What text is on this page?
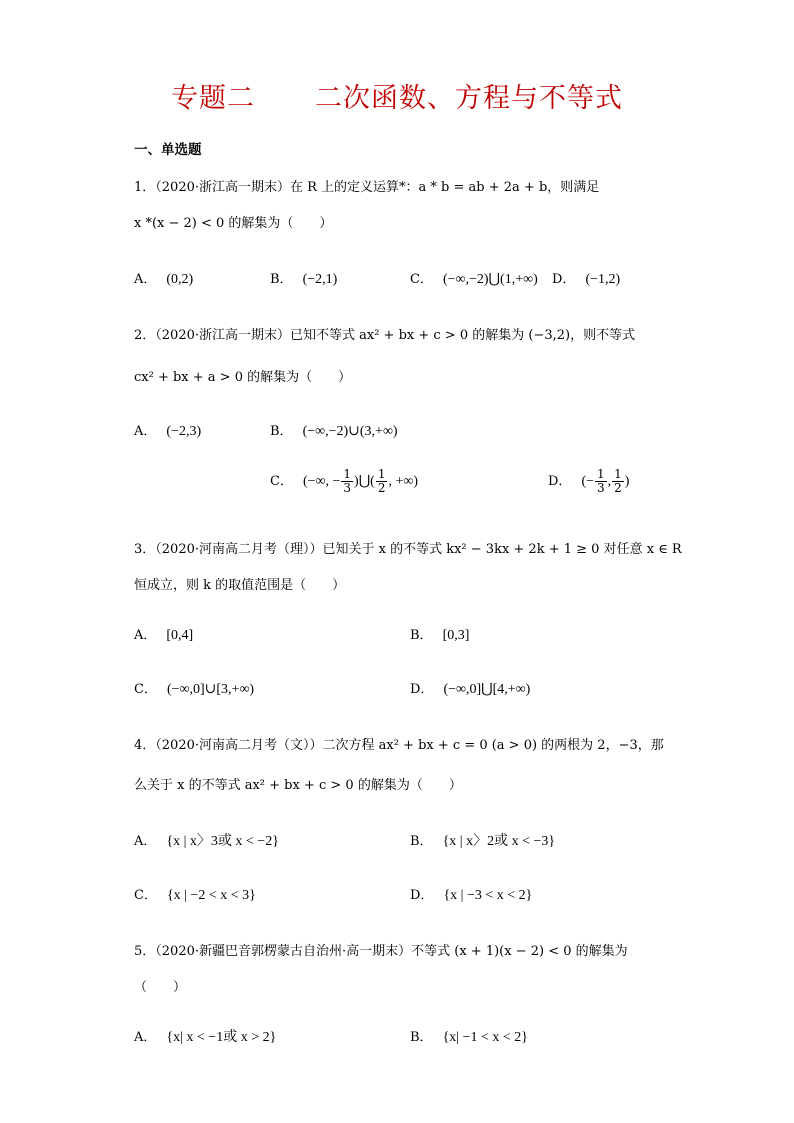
专题二 二次函数、方程与不等式
一、单选题
1．（2020·浙江高一期末）在 R 上的定义运算*：a * b = ab + 2a + b，则满足
x *(x − 2) < 0 的解集为（　　）
A． (0,2)	B． (−2,1)	C． (−∞,−2)⋃(1,+∞) D． (−1,2)
2．（2020·浙江高一期末）已知不等式 ax² + bx + c > 0 的解集为 (−3,2)，则不等式
cx² + bx + a > 0 的解集为（　　）
A． (−2,3)	B． (−∞,−2)∪(3,+∞)
C． (−∞, − $\frac{1}{3}$ )⋃( $\frac{1}{2}$ , +∞)	D． (− $\frac{1}{3}$ , $\frac{1}{2}$ )
3．（2020·河南高二月考（理））已知关于 x 的不等式 kx² − 3kx + 2k + 1 ≥ 0 对任意 x ∈ R
恒成立，则 k 的取值范围是（　　）
A． [0,4]	B． [0,3]
C． (−∞,0]∪[3,+∞)	D． (−∞,0]⋃[4,+∞)
4．（2020·河南高二月考（文））二次方程 ax² + bx + c = 0 (a > 0) 的两根为 2，−3，那
么关于 x 的不等式 ax² + bx + c > 0 的解集为（　　）
A． {x | x〉3或 x < −2}	B． {x | x〉2或 x < −3}
C． {x | −2 < x < 3}	D． {x | −3 < x < 2}
5．（2020·新疆巴音郭楞蒙古自治州·高一期末）不等式 (x + 1)(x − 2) < 0 的解集为
（　　）
A． {x| x < −1或 x > 2}	B． {x| −1 < x < 2}
